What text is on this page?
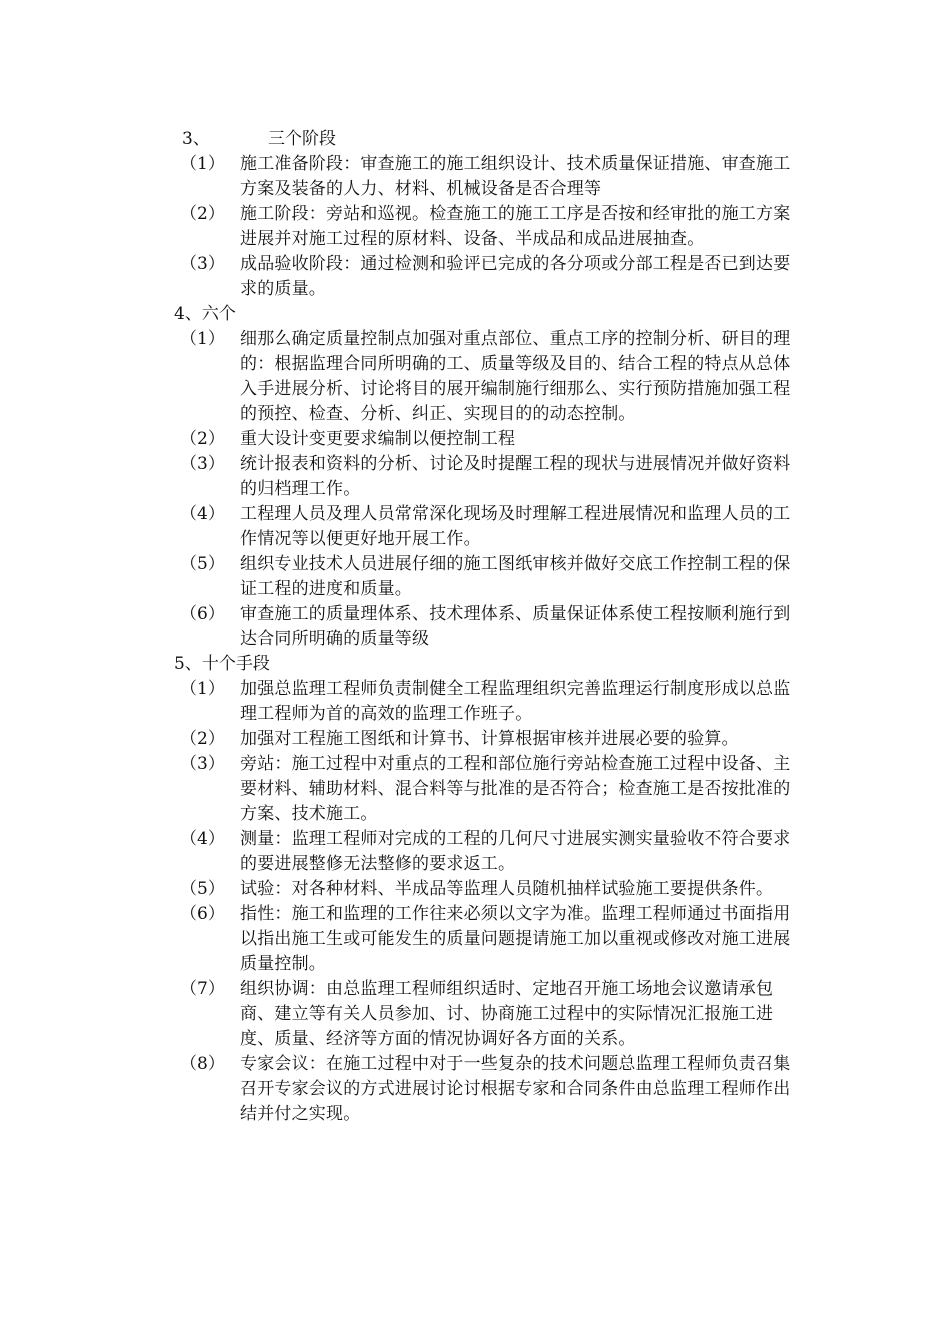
3、	三个阶段
（1） 施工准备阶段：审查施工的施工组织设计、技术质量保证措施、审查施工方案及装备的人力、材料、机械设备是否合理等
（2） 施工阶段：旁站和巡视。检查施工的施工工序是否按和经审批的施工方案进展并对施工过程的原材料、设备、半成品和成品进展抽查。
（3） 成品验收阶段：通过检测和验评已完成的各分项或分部工程是否已到达要求的质量。
4、六个
（1） 细那么确定质量控制点加强对重点部位、重点工序的控制分析、研目的理的：根据监理合同所明确的工、质量等级及目的、结合工程的特点从总体入手进展分析、讨论将目的展开编制施行细那么、实行预防措施加强工程的预控、检查、分析、纠正、实现目的的动态控制。
（2） 重大设计变更要求编制以便控制工程
（3） 统计报表和资料的分析、讨论及时提醒工程的现状与进展情况并做好资料的归档理工作。
（4） 工程理人员及理人员常常深化现场及时理解工程进展情况和监理人员的工作情况等以便更好地开展工作。
（5） 组织专业技术人员进展仔细的施工图纸审核并做好交底工作控制工程的保证工程的进度和质量。
（6） 审查施工的质量理体系、技术理体系、质量保证体系使工程按顺利施行到达合同所明确的质量等级
5、十个手段
（1） 加强总监理工程师负责制健全工程监理组织完善监理运行制度形成以总监理工程师为首的高效的监理工作班子。
（2） 加强对工程施工图纸和计算书、计算根据审核并进展必要的验算。
（3） 旁站：施工过程中对重点的工程和部位施行旁站检查施工过程中设备、主要材料、辅助材料、混合料等与批准的是否符合；检查施工是否按批准的方案、技术施工。
（4） 测量：监理工程师对完成的工程的几何尺寸进展实测实量验收不符合要求的要进展整修无法整修的要求返工。
（5） 试验：对各种材料、半成品等监理人员随机抽样试验施工要提供条件。
（6） 指性：施工和监理的工作往来必须以文字为准。监理工程师通过书面指用以指出施工生或可能发生的质量问题提请施工加以重视或修改对施工进展质量控制。
（7） 组织协调：由总监理工程师组织适时、定地召开施工场地会议邀请承包商、建立等有关人员参加、讨、协商施工过程中的实际情况汇报施工进度、质量、经济等方面的情况协调好各方面的关系。
（8） 专家会议：在施工过程中对于一些复杂的技术问题总监理工程师负责召集召开专家会议的方式进展讨论讨根据专家和合同条件由总监理工程师作出结并付之实现。
